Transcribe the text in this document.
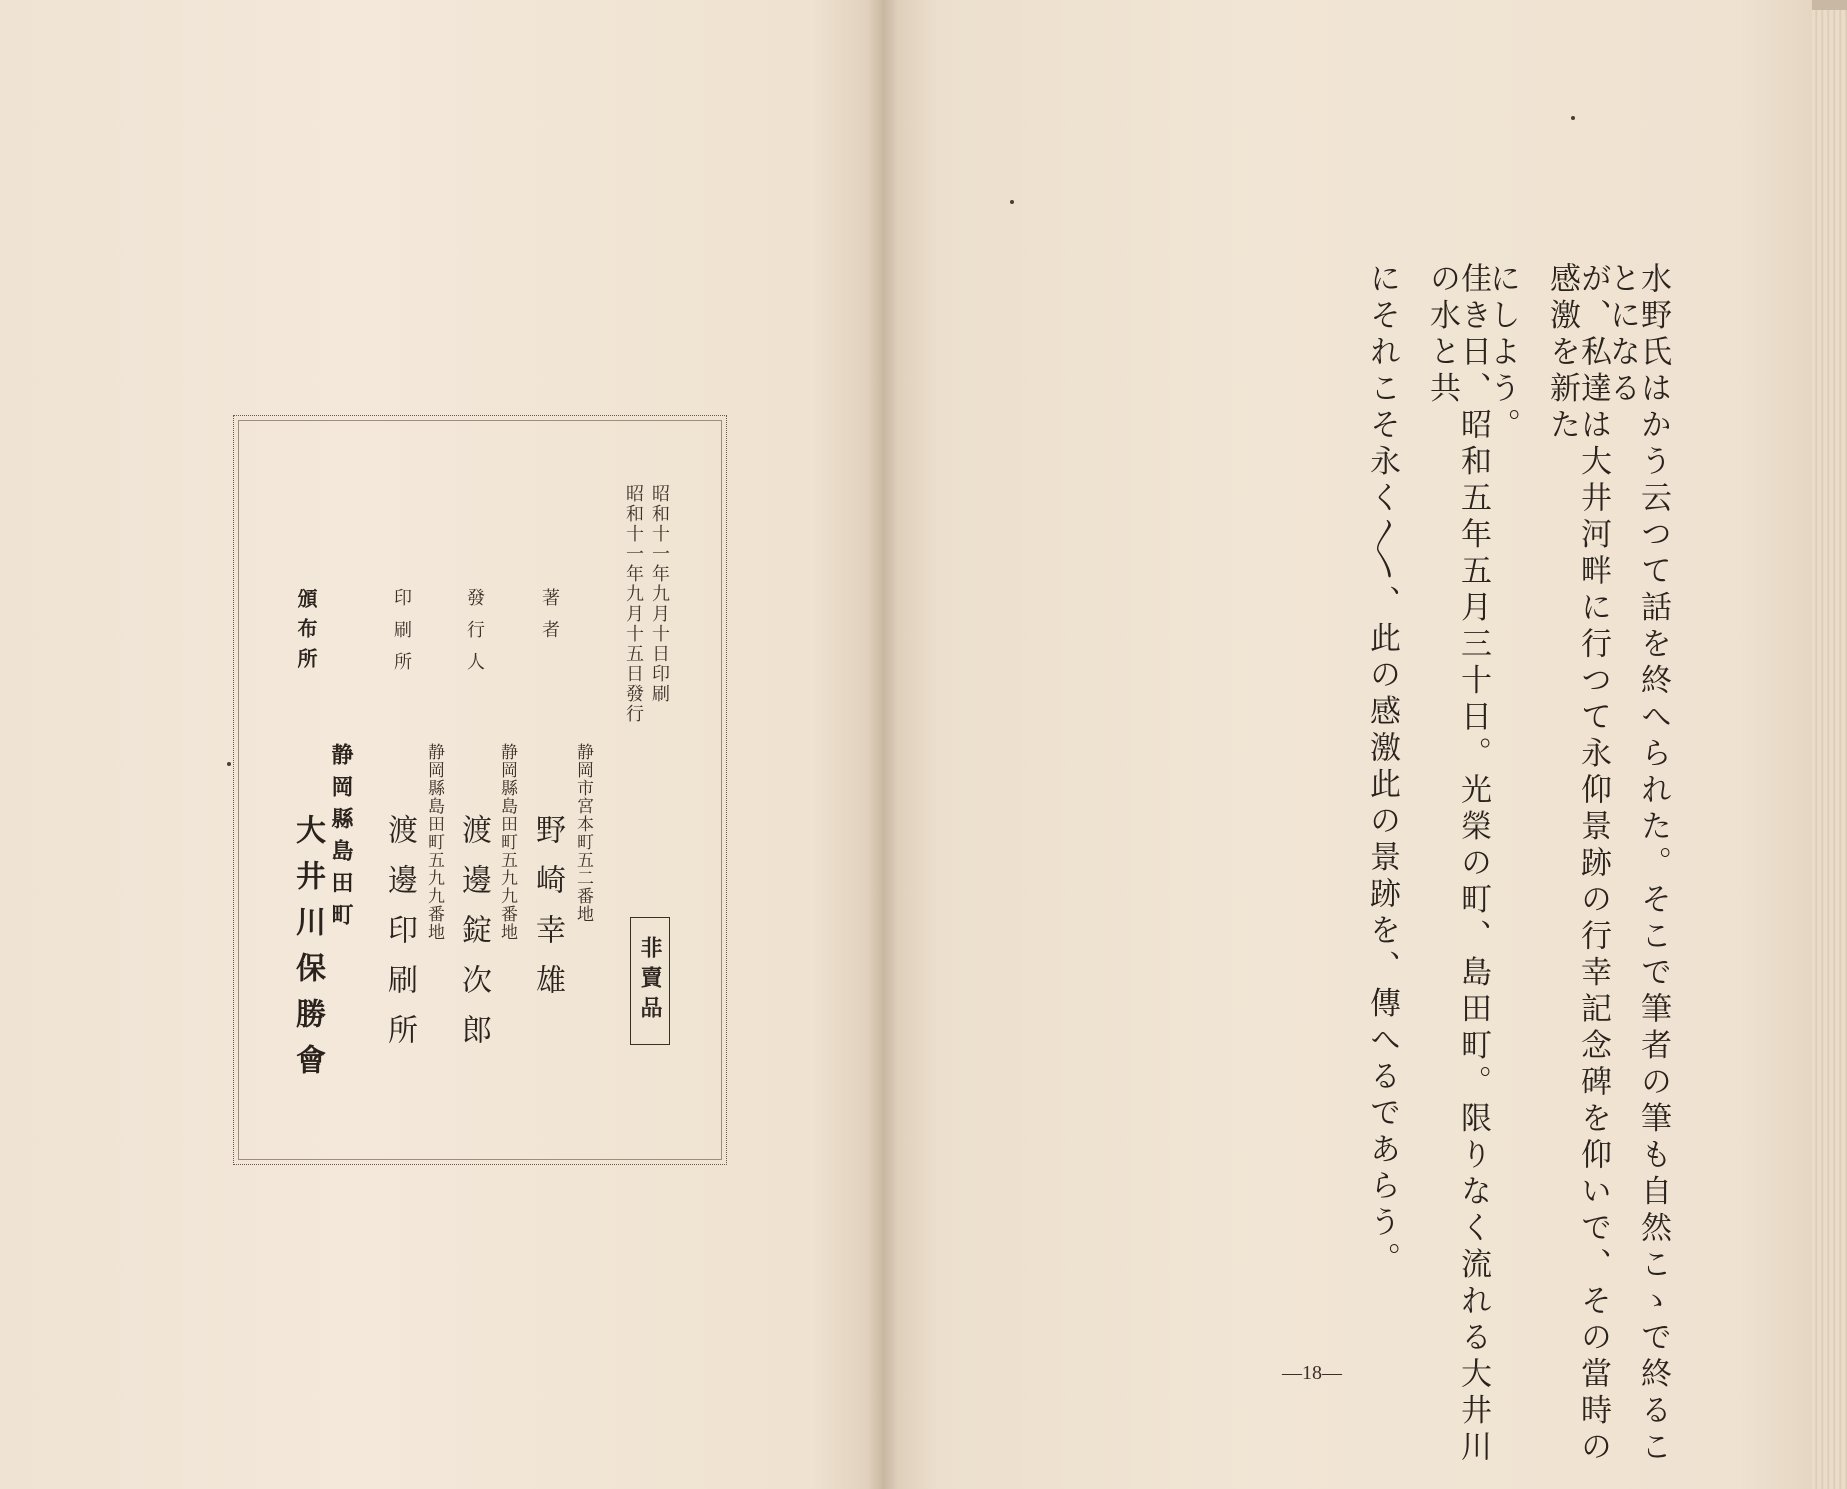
昭和十一年九月十日印刷
昭和十一年九月十五日發行
非賣品
著者
静岡市宮本町五二番地
野崎幸雄
發行人
静岡縣島田町五九九番地
渡邊錠次郎
印刷所
静岡縣島田町五九九番地
渡邊印刷所
頒布所
静岡縣島田町
大井川保勝會	水野氏はかう云つて話を終へられた。そこで筆者の筆も自然こゝで終ることになる
が、私達は大井河畔に行つて永仰景跡の行幸記念碑を仰いで、その當時の感激を新た
にしよう。
佳き日、昭和五年五月三十日。光榮の町、島田町。限りなく流れる大井川の水と共
にそれこそ永く〳〵、此の感激此の景跡を、傳へるであらう。
—18—
